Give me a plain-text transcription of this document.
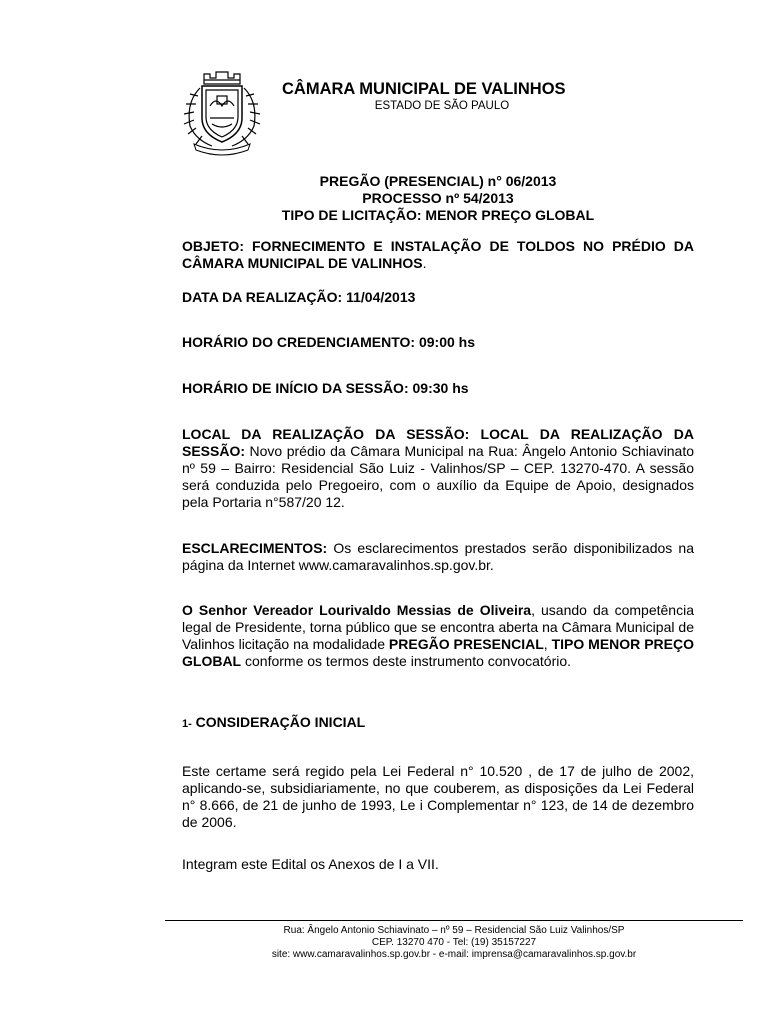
CÂMARA MUNICIPAL DE VALINHOS
ESTADO DE SÃO PAULO
PREGÃO (PRESENCIAL) n° 06/2013
PROCESSO nº 54/2013
TIPO DE LICITAÇÃO: MENOR PREÇO GLOBAL
OBJETO: FORNECIMENTO E INSTALAÇÃO DE TOLDOS NO PRÉDIO DA CÂMARA MUNICIPAL DE VALINHOS.
DATA DA REALIZAÇÃO: 11/04/2013
HORÁRIO DO CREDENCIAMENTO: 09:00 hs
HORÁRIO DE INÍCIO DA SESSÃO: 09:30 hs
LOCAL DA REALIZAÇÃO DA SESSÃO: LOCAL DA REALIZAÇÃO DA SESSÃO: Novo prédio da Câmara Municipal na Rua: Ângelo Antonio Schiavinato nº 59 – Bairro: Residencial São Luiz - Valinhos/SP – CEP. 13270-470. A sessão será conduzida pelo Pregoeiro, com o auxílio da Equipe de Apoio, designados pela Portaria n°587/20 12.
ESCLARECIMENTOS: Os esclarecimentos prestados serão disponibilizados na página da Internet www.camaravalinhos.sp.gov.br.
O Senhor Vereador Lourivaldo Messias de Oliveira, usando da competência legal de Presidente, torna público que se encontra aberta na Câmara Municipal de Valinhos licitação na modalidade PREGÃO PRESENCIAL, TIPO MENOR PREÇO GLOBAL conforme os termos deste instrumento convocatório.
1- CONSIDERAÇÃO INICIAL
Este certame será regido pela Lei Federal n° 10.520 , de 17 de julho de 2002, aplicando-se, subsidiariamente, no que couberem, as disposições da Lei Federal n° 8.666, de 21 de junho de 1993, Le i Complementar n° 123, de 14 de dezembro de 2006.
Integram este Edital os Anexos de I a VII.
Rua: Ângelo Antonio Schiavinato – nº 59 – Residencial São Luiz Valinhos/SP
CEP. 13270 470 - Tel: (19) 35157227
site: www.camaravalinhos.sp.gov.br - e-mail: imprensa@camaravalinhos.sp.gov.br
